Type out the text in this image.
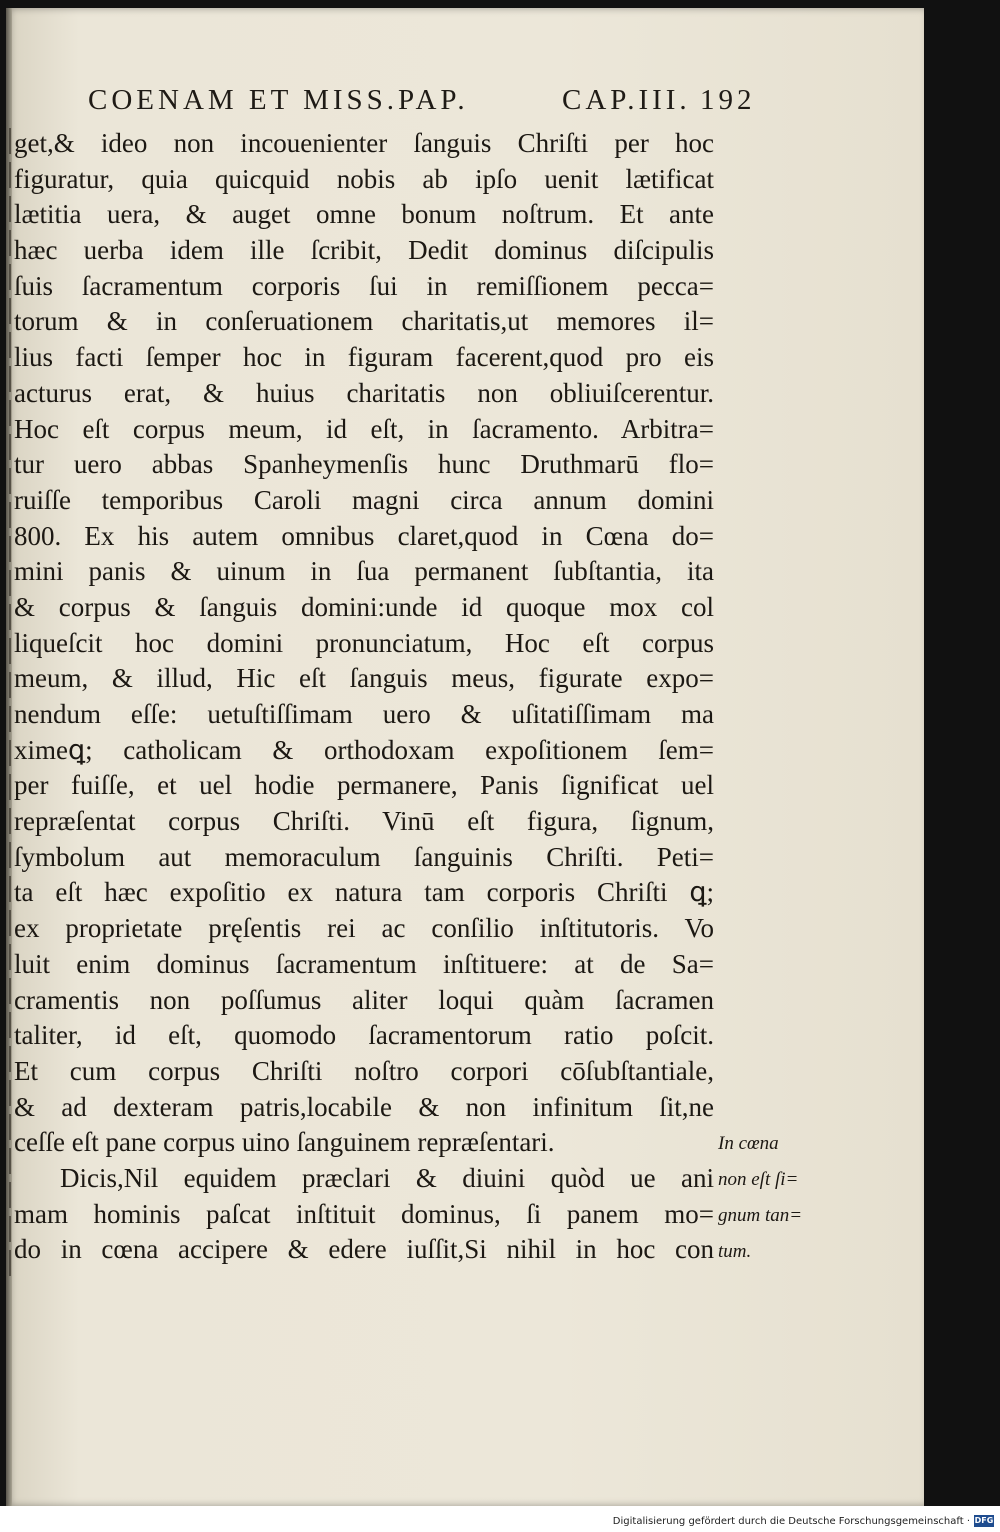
COENAM ET MISS.PAP.	CAP.III. 192
get,& ideo non incouenienter ſanguis Chriſti per hoc
figuratur, quia quicquid nobis ab ipſo uenit lætificat
lætitia uera, & auget omne bonum noſtrum. Et ante
hæc uerba idem ille ſcribit, Dedit dominus diſcipulis
ſuis ſacramentum corporis ſui in remiſſionem pecca=
torum & in conſeruationem charitatis,ut memores il=
lius facti ſemper hoc in figuram facerent,quod pro eis
acturus erat, & huius charitatis non obliuiſcerentur.
Hoc eſt corpus meum, id eſt, in ſacramento. Arbitra=
tur uero abbas Spanheymenſis hunc Druthmarū flo=
ruiſſe temporibus Caroli magni circa annum domini
800. Ex his autem omnibus claret,quod in Cœna do=
mini panis & uinum in ſua permanent ſubſtantia, ita
& corpus & ſanguis domini:unde id quoque mox col
liqueſcit hoc domini pronunciatum, Hoc eſt corpus
meum, & illud, Hic eſt ſanguis meus, figurate expo=
nendum eſſe: uetuſtiſſimam uero & uſitatiſſimam ma
ximeꝗ; catholicam & orthodoxam expoſitionem ſem=
per fuiſſe, et uel hodie permanere, Panis ſignificat uel
repræſentat corpus Chriſti. Vinū eſt figura, ſignum,
ſymbolum aut memoraculum ſanguinis Chriſti. Peti=
ta eſt hæc expoſitio ex natura tam corporis Chriſti ꝗ;
ex proprietate pręſentis rei ac conſilio inſtitutoris. Vo
luit enim dominus ſacramentum inſtituere: at de Sa=
cramentis non poſſumus aliter loqui quàm ſacramen
taliter, id eſt, quomodo ſacramentorum ratio poſcit.
Et cum corpus Chriſti noſtro corpori cōſubſtantiale,
& ad dexteram patris,locabile & non infinitum ſit,ne
ceſſe eſt pane corpus uino ſanguinem repræſentari.
Dicis,Nil equidem præclari & diuini quòd ue ani
mam hominis paſcat inſtituit dominus, ſi panem mo=
do in cœna accipere & edere iuſſit,Si nihil in hoc con
In cœna
non eſt ſi=
gnum tan=
tum.
Digitalisierung gefördert durch die Deutsche Forschungsgemeinschaft · DFG
